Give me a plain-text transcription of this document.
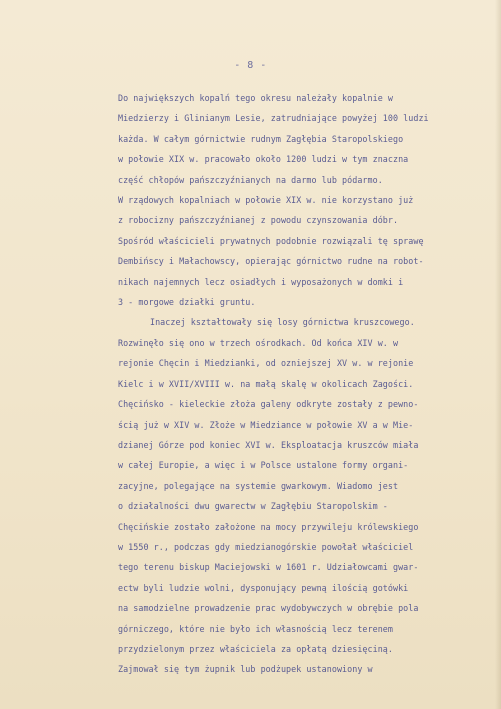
- 8 -
Do największych kopalń tego okresu należały kopalnie w
Miedzierzy i Glinianym Lesie, zatrudniające powyżej 100 ludzi
każda. W całym górnictwie rudnym Zagłębia Staropolskiego
w połowie XIX w. pracowało około 1200 ludzi w tym znaczna
część chłopów pańszczyźnianych na darmo lub pódarmo.
W rządowych kopalniach w połowie XIX w. nie korzystano już
z robocizny pańszczyźnianej z powodu czynszowania dóbr.
Spośród właścicieli prywatnych podobnie rozwiązali tę sprawę
Dembińscy i Małachowscy, opierając górnictwo rudne na robot-
nikach najemnych lecz osiadłych i wyposażonych w domki i
3 - morgowe działki gruntu.
Inaczej kształtowały się losy górnictwa kruszcowego.
Rozwinęło się ono w trzech ośrodkach. Od końca XIV w. w
rejonie Chęcin i Miedzianki, od ozniejszej XV w. w rejonie
Kielc i w XVII/XVIII w. na małą skalę w okolicach Zagości.
Chęcińsko - kieleckie złoża galeny odkryte zostały z pewno-
ścią już w XIV w. Złoże w Miedziance w połowie XV a w Mie-
dzianej Górze pod koniec XVI w. Eksploatacja kruszców miała
w całej Europie, a więc i w Polsce ustalone formy organi-
zacyjne, polegające na systemie gwarkowym. Wiadomo jest
o działalności dwu gwarectw w Zagłębiu Staropolskim -
Chęcińskie zostało założone na mocy przywileju królewskiego
w 1550 r., podczas gdy miedzianogórskie powołał właściciel
tego terenu biskup Maciejowski w 1601 r. Udziałowcami gwar-
ectw byli ludzie wolni, dysponujący pewną ilością gotówki
na samodzielne prowadzenie prac wydobywczych w obrębie pola
górniczego, które nie było ich własnością lecz terenem
przydzielonym przez właściciela za opłatą dziesięciną.
Zajmował się tym żupnik lub podżupek ustanowiony w
